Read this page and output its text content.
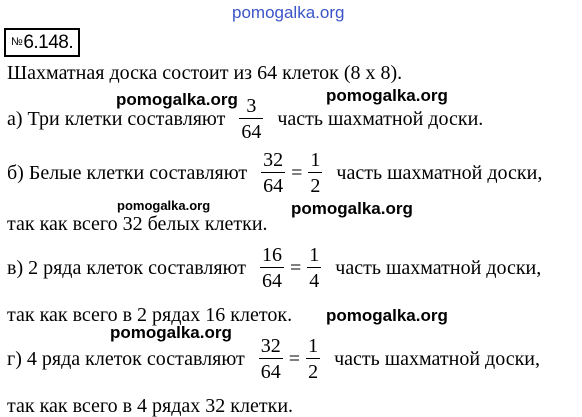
pomogalka.org
№6.148.
Шахматная доска состоит из 64 клеток (8 x 8).
а) Три клетки составляют $\frac{3}{64}$ часть шахматной доски.
б) Белые клетки составляют $\frac{32}{64} = \frac{1}{2}$ часть шахматной доски,
так как всего 32 белых клетки.
в) 2 ряда клеток составляют $\frac{16}{64} = \frac{1}{4}$ часть шахматной доски,
так как всего в 2 рядах 16 клеток.
г) 4 ряда клеток составляют $\frac{32}{64} = \frac{1}{2}$ часть шахматной доски,
так как всего в 4 рядах 32 клетки.
pomogalka.org	pomogalka.org
pomogalka.org	pomogalka.org
pomogalka.org
pomogalka.org
